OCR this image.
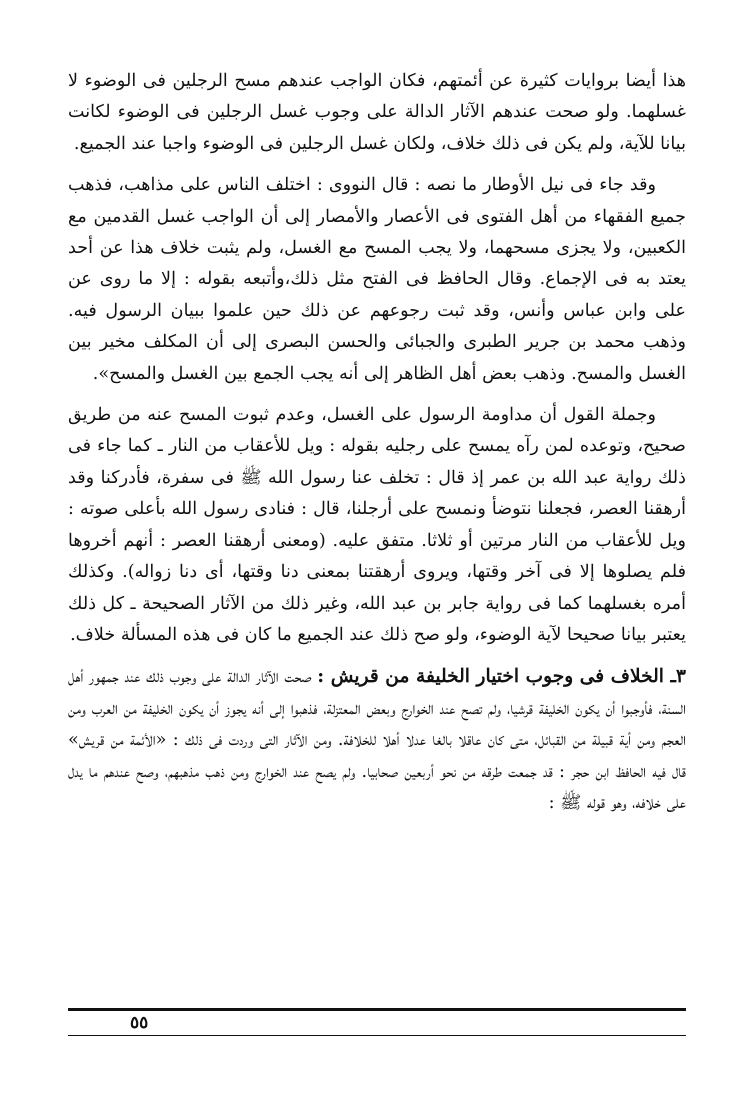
هذا أيضا بروايات كثيرة عن أئمتهم، فكان الواجب عندهم مسح الرجلين فى الوضوء لا غسلهما. ولو صحت عندهم الآثار الدالة على وجوب غسل الرجلين فى الوضوء لكانت بيانا للآية، ولم يكن فى ذلك خلاف، ولكان غسل الرجلين فى الوضوء واجبا عند الجميع.

وقد جاء فى نيل الأوطار ما نصه : قال النووى : اختلف الناس على مذاهب، فذهب جميع الفقهاء من أهل الفتوى فى الأعصار والأمصار إلى أن الواجب غسل القدمين مع الكعبين، ولا يجزى مسحهما، ولا يجب المسح مع الغسل، ولم يثبت خلاف هذا عن أحد يعتد به فى الإجماع. وقال الحافظ فى الفتح مثل ذلك،وأتبعه بقوله : إلا ما روى عن على وابن عباس وأنس، وقد ثبت رجوعهم عن ذلك حين علموا ببيان الرسول فيه. وذهب محمد بن جرير الطبرى والجبائى والحسن البصرى إلى أن المكلف مخير بين الغسل والمسح. وذهب بعض أهل الظاهر إلى أنه يجب الجمع بين الغسل والمسح».

وجملة القول أن مداومة الرسول على الغسل، وعدم ثبوت المسح عنه من طريق صحيح، وتوعده لمن رآه يمسح على رجليه بقوله : ويل للأعقاب من النار ـ كما جاء فى ذلك رواية عبد الله بن عمر إذ قال : تخلف عنا رسول الله ﷺ فى سفرة، فأدركنا وقد أرهقنا العصر، فجعلنا نتوضأ ونمسح على أرجلنا، قال : فنادى رسول الله بأعلى صوته : ويل للأعقاب من النار مرتين أو ثلاثا. متفق عليه. (ومعنى أرهقنا العصر : أنهم أخروها فلم يصلوها إلا فى آخر وقتها، ويروى أرهقتنا بمعنى دنا وقتها، أى دنا زواله). وكذلك أمره بغسلهما كما فى رواية جابر بن عبد الله، وغير ذلك من الآثار الصحيحة ـ كل ذلك يعتبر بيانا صحيحا لآية الوضوء، ولو صح ذلك عند الجميع ما كان فى هذه المسألة خلاف.

٣ـ الخلاف فى وجوب اختيار الخليفة من قريش : صحت الآثار الدالة على وجوب ذلك عند جمهور أهل السنة، فأوجبوا أن يكون الخليفة قرشيا، ولم تصح عند الخوارج وبعض المعتزلة، فذهبوا إلى أنه يجوز أن يكون الخليفة من العرب ومن العجم ومن أية قبيلة من القبائل، متى كان عاقلا بالغا عدلا أهلا للخلافة. ومن الآثار التى وردت فى ذلك : «الأئمة من قريش» قال فيه الحافظ ابن حجر : قد جمعت طرقه من نحو أربعين صحابيا. ولم يصح عند الخوارج ومن ذهب مذهبهم، وصح عندهم ما يدل على خلافه، وهو قوله ﷺ :

٥٥
